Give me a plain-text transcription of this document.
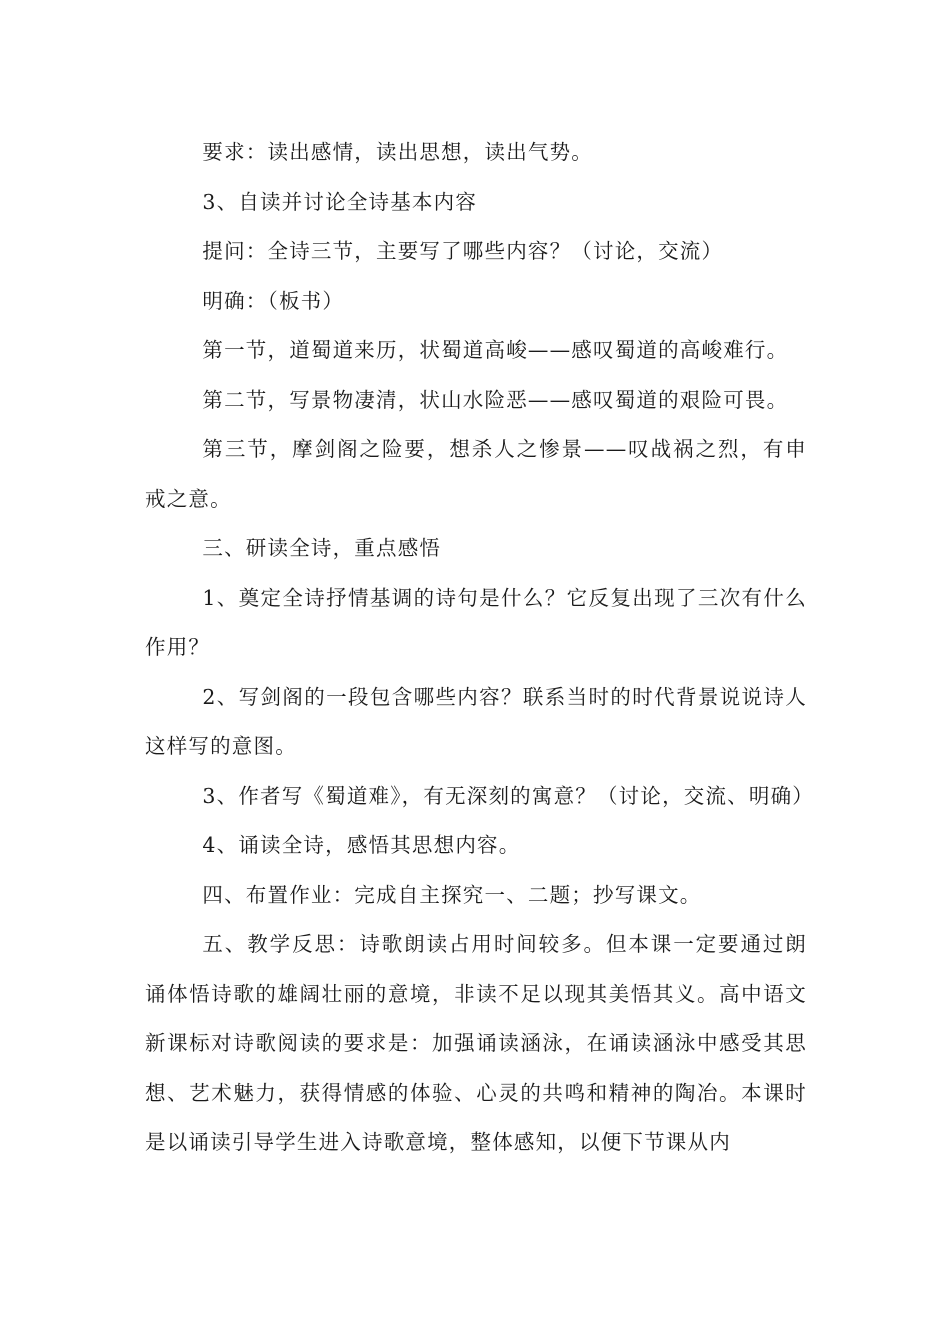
要求：读出感情，读出思想，读出气势。

3、自读并讨论全诗基本内容

提问：全诗三节，主要写了哪些内容？（讨论，交流）

明确：（板书）

第一节，道蜀道来历，状蜀道高峻——感叹蜀道的高峻难行。

第二节，写景物凄清，状山水险恶——感叹蜀道的艰险可畏。

第三节，摩剑阁之险要，想杀人之惨景——叹战祸之烈，有申戒之意。

三、研读全诗，重点感悟

1、奠定全诗抒情基调的诗句是什么？它反复出现了三次有什么作用？

2、写剑阁的一段包含哪些内容？联系当时的时代背景说说诗人这样写的意图。

3、作者写《蜀道难》，有无深刻的寓意？（讨论，交流、明确）

4、诵读全诗，感悟其思想内容。

四、布置作业：完成自主探究一、二题；抄写课文。

五、教学反思：诗歌朗读占用时间较多。但本课一定要通过朗诵体悟诗歌的雄阔壮丽的意境，非读不足以现其美悟其义。高中语文新课标对诗歌阅读的要求是：加强诵读涵泳，在诵读涵泳中感受其思想、艺术魅力，获得情感的体验、心灵的共鸣和精神的陶冶。本课时是以诵读引导学生进入诗歌意境，整体感知，以便下节课从内
